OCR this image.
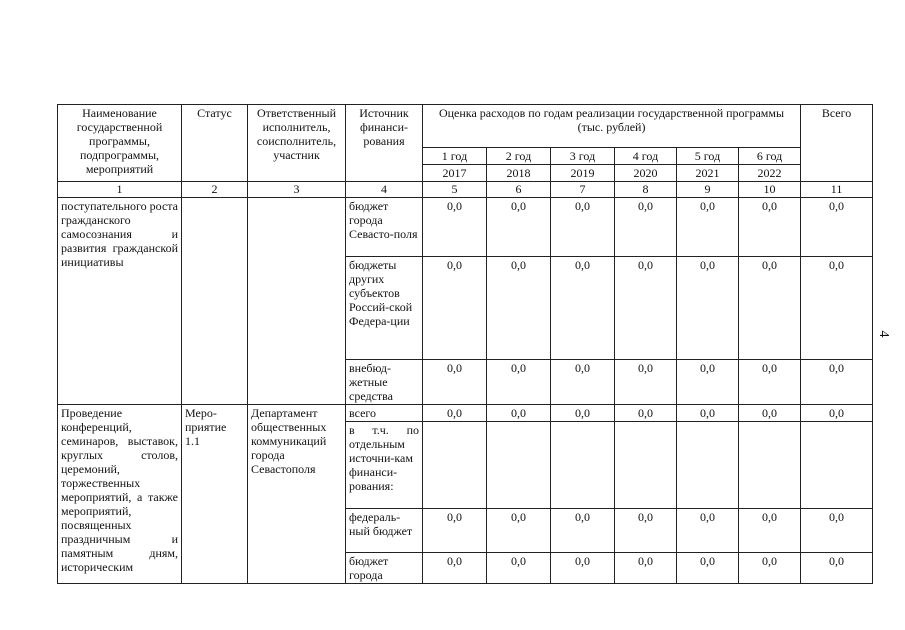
4
Наименование государственной программы, подпрограммы, мероприятий	Статус	Ответственный исполнитель, соисполнитель, участник	Источник финанси-рования	Оценка расходов по годам реализации государственной программы (тыс. рублей)						Всего
				1 год	2 год	3 год	4 год	5 год	6 год	
				2017	2018	2019	2020	2021	2022	
1	2	3	4	5	6	7	8	9	10	11
поступательного роста гражданского самосознания и развития гражданской инициативы			бюджет города Севасто-поля	0,0	0,0	0,0	0,0	0,0	0,0	0,0
			бюджеты других субъектов Россий-ской Федера-ции	0,0	0,0	0,0	0,0	0,0	0,0	0,0
			внебюд-жетные средства	0,0	0,0	0,0	0,0	0,0	0,0	0,0
Проведение конференций, семинаров, выставок, круглых столов, церемоний, торжественных мероприятий, а также мероприятий, посвященных праздничным и памятным дням, историческим	Меро-приятие 1.1	Департамент общественных коммуникаций города Севастополя	всего	0,0	0,0	0,0	0,0	0,0	0,0	0,0
			в т.ч. по отдельным источни-кам финанси-рования:							
			федераль-ный бюджет	0,0	0,0	0,0	0,0	0,0	0,0	0,0
			бюджет города	0,0	0,0	0,0	0,0	0,0	0,0	0,0
